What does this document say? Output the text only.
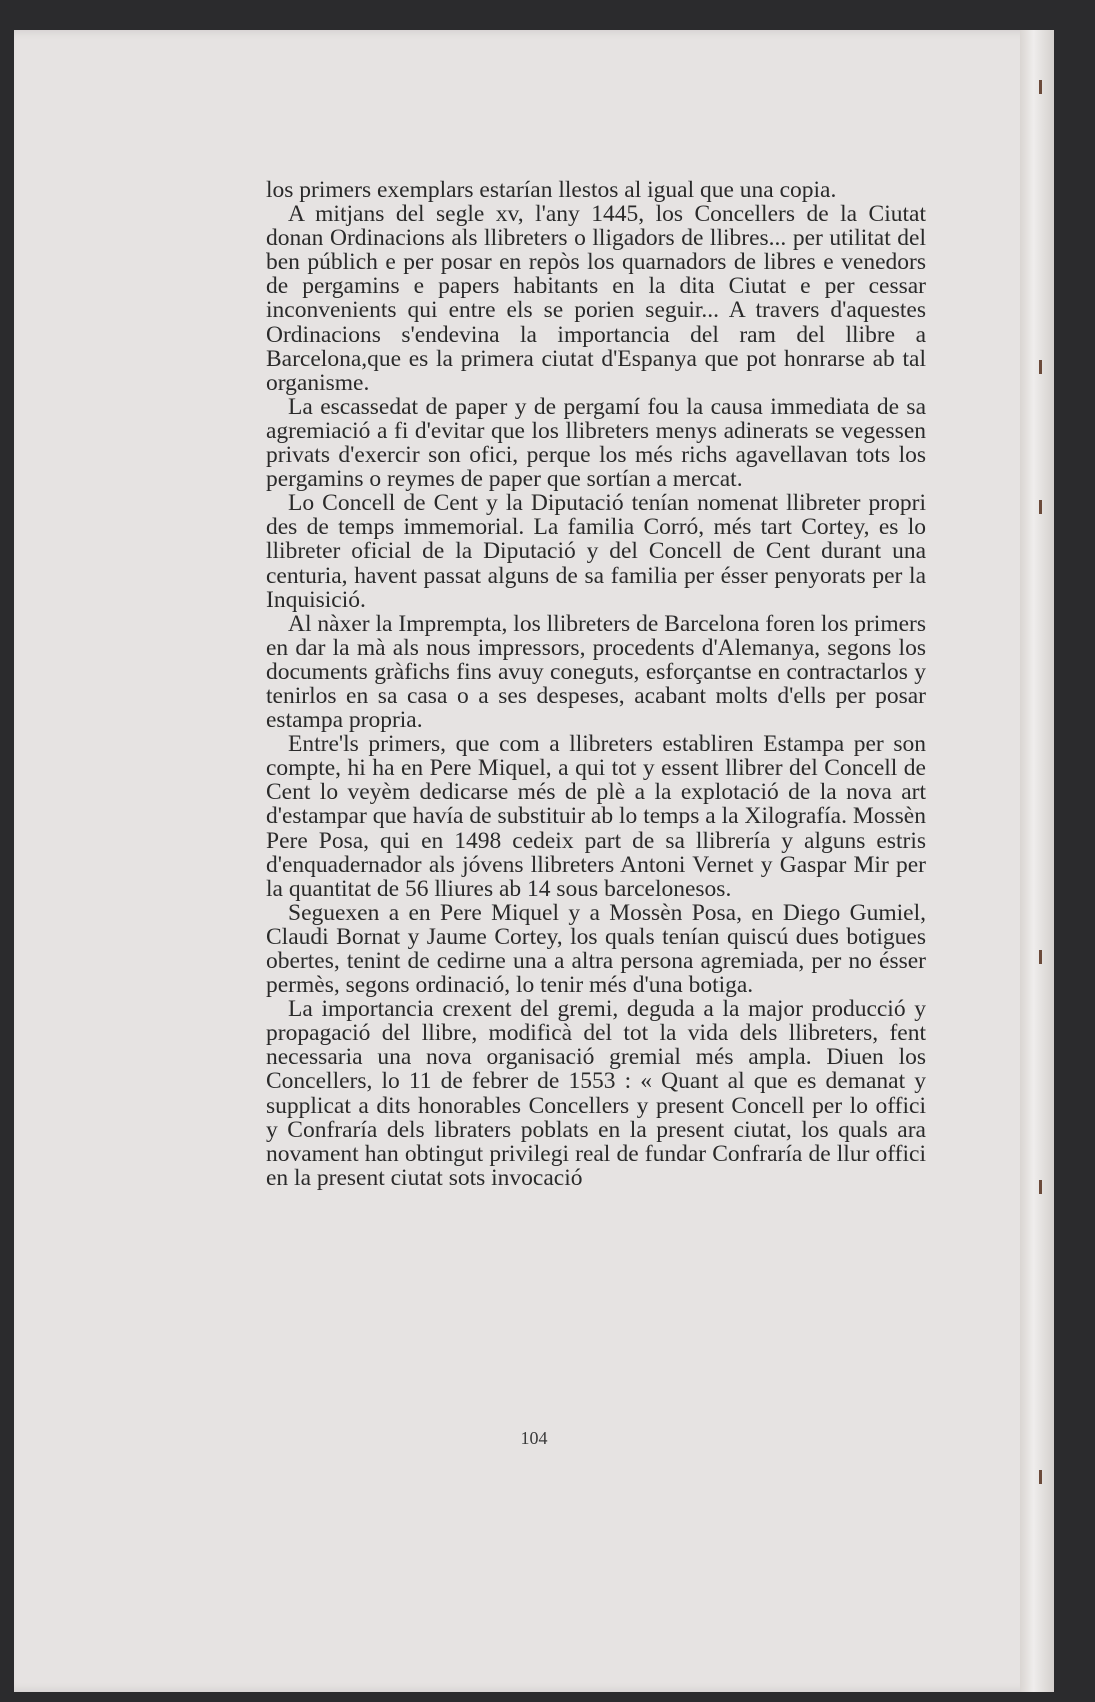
los primers exemplars estarían llestos al igual que una copia.

A mitjans del segle xv, l'any 1445, los Concellers de la Ciutat donan Ordinacions als llibreters o lligadors de llibres... per utilitat del ben públich e per posar en repòs los quarnadors de libres e venedors de pergamins e papers habitants en la dita Ciutat e per cessar inconvenients qui entre els se porien seguir... A travers d'aquestes Ordinacions s'endevina la importancia del ram del llibre a Barcelona,que es la primera ciutat d'Espanya que pot honrarse ab tal organisme.

La escassedat de paper y de pergamí fou la causa immediata de sa agremiació a fi d'evitar que los llibreters menys adinerats se vegessen privats d'exercir son ofici, perque los més richs agavellavan tots los pergamins o reymes de paper que sortían a mercat.

Lo Concell de Cent y la Diputació tenían nomenat llibreter propri des de temps immemorial. La familia Corró, més tart Cortey, es lo llibreter oficial de la Diputació y del Concell de Cent durant una centuria, havent passat alguns de sa familia per ésser penyorats per la Inquisició.

Al nàxer la Imprempta, los llibreters de Barcelona foren los primers en dar la mà als nous impressors, procedents d'Alemanya, segons los documents gràfichs fins avuy coneguts, esforçantse en contractarlos y tenirlos en sa casa o a ses despeses, acabant molts d'ells per posar estampa propria.

Entre'ls primers, que com a llibreters establiren Estampa per son compte, hi ha en Pere Miquel, a qui tot y essent llibrer del Concell de Cent lo veyèm dedicarse més de plè a la explotació de la nova art d'estampar que havía de substituir ab lo temps a la Xilografía. Mossèn Pere Posa, qui en 1498 cedeix part de sa llibrería y alguns estris d'enquadernador als jóvens llibreters Antoni Vernet y Gaspar Mir per la quantitat de 56 lliures ab 14 sous barcelonesos.

Seguexen a en Pere Miquel y a Mossèn Posa, en Diego Gumiel, Claudi Bornat y Jaume Cortey, los quals tenían quiscú dues botigues obertes, tenint de cedirne una a altra persona agremiada, per no ésser permès, segons ordinació, lo tenir més d'una botiga.

La importancia crexent del gremi, deguda a la major producció y propagació del llibre, modificà del tot la vida dels llibreters, fent necessaria una nova organisació gremial més ampla. Diuen los Concellers, lo 11 de febrer de 1553 : « Quant al que es demanat y supplicat a dits honorables Concellers y present Concell per lo offici y Confraría dels libraters poblats en la present ciutat, los quals ara novament han obtingut privilegi real de fundar Confraría de llur offici en la present ciutat sots invocació

104
